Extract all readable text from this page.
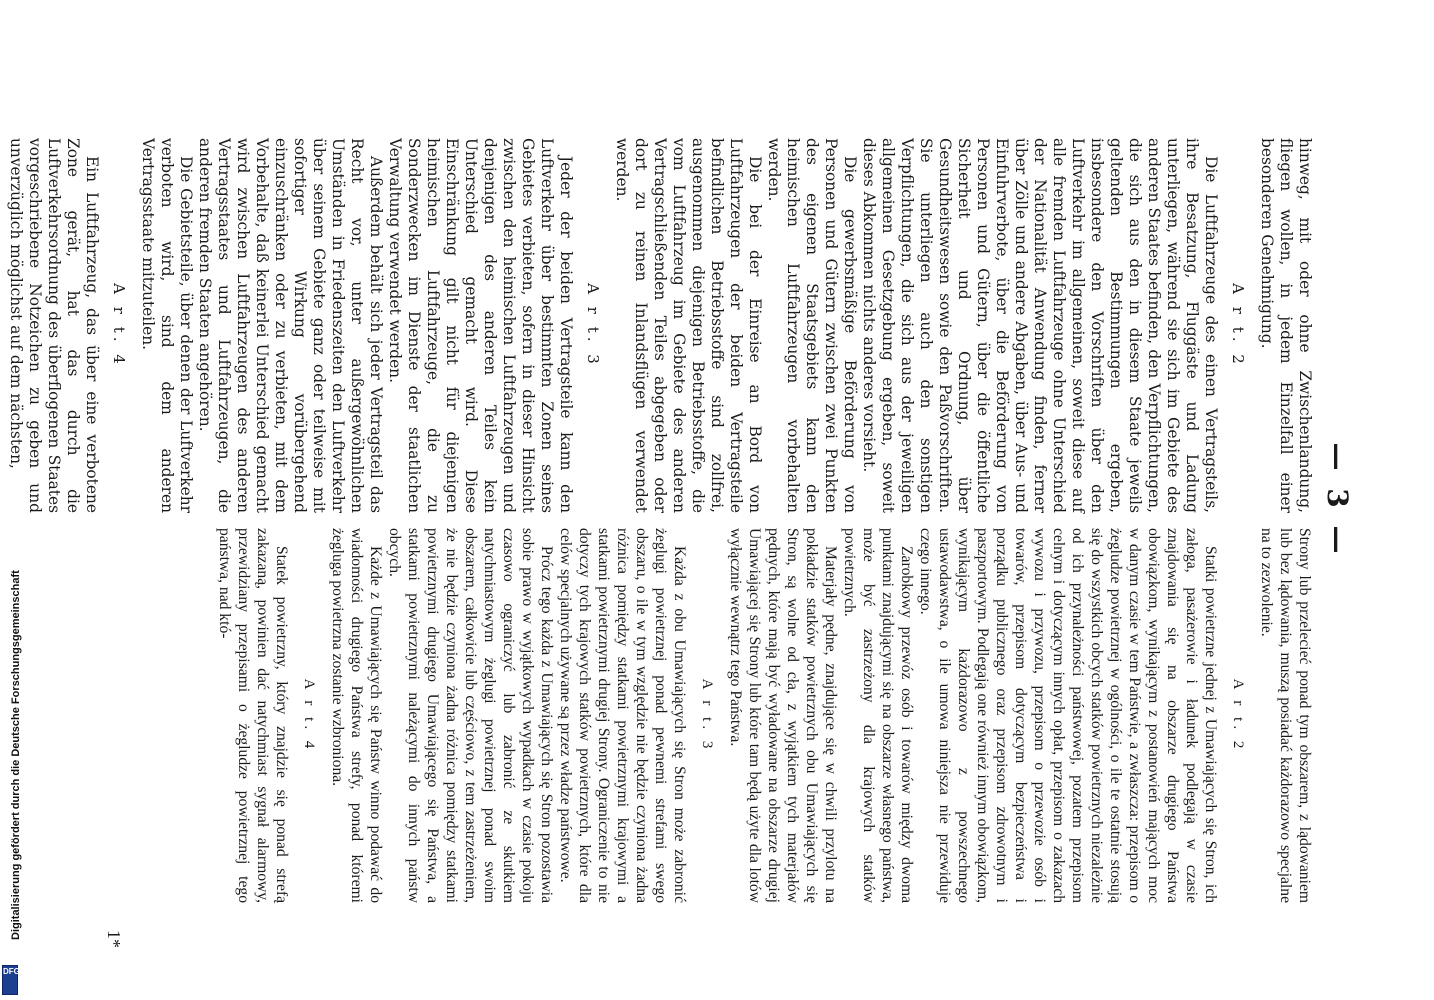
— 3 —

hinweg, mit oder ohne Zwischenlandung, fliegen wollen, in jedem Einzelfall einer besonderen Genehmigung.

A r t. 2

Die Luftfahrzeuge des einen Vertragsteils, ihre Besatzung, Fluggäste und Ladung unterliegen, während sie sich im Gebiete des anderen Staates befinden, den Verpflichtungen, die sich aus den in diesem Staate jeweils geltenden Bestimmungen ergeben, insbesondere den Vorschriften über den Luftverkehr im allgemeinen, soweit diese auf alle fremden Luftfahrzeuge ohne Unterschied der Nationalität Anwendung finden, ferner über Zölle und andere Abgaben, über Aus- und Einfuhrverbote, über die Beförderung von Personen und Gütern, über die öffentliche Sicherheit und Ordnung, über Gesundheitswesen sowie den Paßvorschriften. Sie unterliegen auch den sonstigen Verpflichtungen, die sich aus der jeweiligen allgemeinen Gesetzgebung ergeben, soweit dieses Abkommen nichts anderes vorsieht.

Die gewerbsmäßige Beförderung von Personen und Gütern zwischen zwei Punkten des eigenen Staatsgebiets kann den heimischen Luftfahrzeugen vorbehalten werden.

Die bei der Einreise an Bord von Luftfahrzeugen der beiden Vertragsteile befindlichen Betriebsstoffe sind zollfrei, ausgenommen diejenigen Betriebsstoffe, die vom Luftfahrzeug im Gebiete des anderen Vertragschließenden Teiles abgegeben oder dort zu reinen Inlandsflügen verwendet werden.

A r t. 3

Jeder der beiden Vertragsteile kann den Luftverkehr über bestimmten Zonen seines Gebietes verbieten, sofern in dieser Hinsicht zwischen den heimischen Luftfahrzeugen und denjenigen des anderen Teiles kein Unterschied gemacht wird. Diese Einschränkung gilt nicht für diejenigen heimischen Luftfahrzeuge, die zu Sonderzwecken im Dienste der staatlichen Verwaltung verwendet werden.

Außerdem behält sich jeder Vertragsteil das Recht vor, unter außergewöhnlichen Umständen in Friedenszeiten den Luftverkehr über seinem Gebiete ganz oder teilweise mit sofortiger Wirkung vorübergehend einzuschränken oder zu verbieten, mit dem Vorbehalte, daß keinerlei Unterschied gemacht wird zwischen Luftfahrzeugen des anderen Vertragsstaates und Luftfahrzeugen, die anderen fremden Staaten angehören.

Die Gebietsteile, über denen der Luftverkehr verboten wird, sind dem anderen Vertragsstaate mitzuteilen.

A r t. 4

Ein Luftfahrzeug, das über eine verbotene Zone gerät, hat das durch die Luftverkehrsordnung des überflogenen Staates vorgeschriebene Notzeichen zu geben und unverzüglich möglichst auf dem nächsten,

Strony lub przelecieć ponad tym obszarem, z lądowaniem lub bez lądowania, muszą posiadać każdorazowo specjalne na to zezwolenie.

A r t. 2

Statki powietrzne jednej z Umawiających się Stron, ich załoga, pasażerowie i ładunek podlegają w czasie znajdowania się na obszarze drugiego Państwa obowiązkom, wynikającym z postanowień mających moc w danym czasie w tem Państwie, a zwłaszcza: przepisom o żegludze powietrznej w ogólności, o ile te ostatnie stosują się do wszystkich obcych statków powietrznych niezależnie od ich przynależności państwowej, pozatem przepisom celnym i dotyczącym innych opłat, przepisom o zakazach wywozu i przywozu, przepisom o przewozie osób i towarów, przepisom dotyczącym bezpieczeństwa i porządku publicznego oraz przepisom zdrowotnym i paszportowym. Podlegają one również innym obowiązkom, wynikającym każdorazowo z powszechnego ustawodawstwa, o ile umowa niniejsza nie przewiduje czego innego.

Zarobkowy przewóz osób i towarów między dwoma punktami znajdującymi się na obszarze własnego państwa, może być zastrzeżony dla krajowych statków powietrznych.

Materjały pędne, znajdujące się w chwili przylotu na pokładzie statków powietrznych obu Umawiających się Stron, są wolne od cła, z wyjątkiem tych materjałów pędnych, które mają być wyładowane na obszarze drugiej Umawiającej się Strony lub które tam będą użyte dla lotów wyłącznie wewnątrz tego Państwa.

A r t. 3

Każda z obu Umawiających się Stron może zabronić żeglugi powietrznej ponad pewnemi strefami swego obszaru, o ile w tym względzie nie będzie czyniona żadna różnica pomiędzy statkami powietrznymi krajowymi a statkami powietrznymi drugiej Strony. Ograniczenie to nie dotyczy tych krajowych statków powietrznych, które dla celów specjalnych używane są przez władze państwowe.

Prócz tego każda z Umawiających się Stron pozostawia sobie prawo w wyjątkowych wypadkach w czasie pokoju czasowo ograniczyć lub zabronić ze skutkiem natychmiastowym żeglugi powietrznej ponad swoim obszarem, całkowicie lub częściowo, z tem zastrzeżeniem, że nie będzie czyniona żadna różnica pomiędzy statkami powietrznymi drugiego Umawiającego się Państwa, a statkami powietrznymi należącymi do innych państw obcych.

Każde z Umawiających się Państw winno podawać do wiadomości drugiego Państwa strefy, ponad któremi żegluga powietrzna zostanie wzbroniona.

A r t. 4

Statek powietrzny, który znajdzie się ponad strefą zakazaną, powinien dać natychmiast sygnał alarmowy, przewidziany przepisami o żegludze powietrznej tego państwa, nad któ-

1*
Digitalisierung gefördert durch die Deutsche Forschungsgemeinschaft
DFG
